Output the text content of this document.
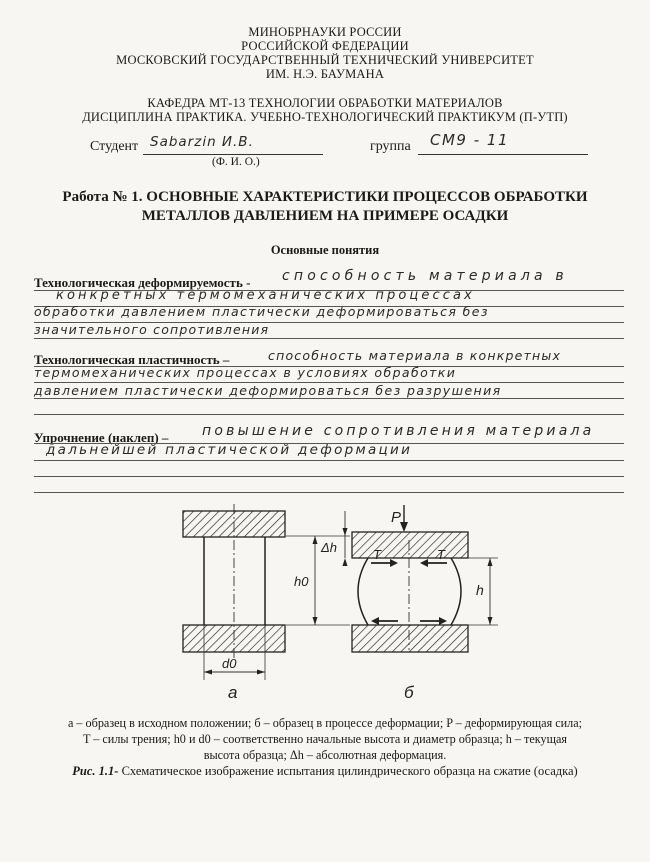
МИНОБРНАУКИ РОССИИ
РОССИЙСКОЙ ФЕДЕРАЦИИ
МОСКОВСКИЙ ГОСУДАРСТВЕННЫЙ ТЕХНИЧЕСКИЙ УНИВЕРСИТЕТ
ИМ. Н.Э. БАУМАНА
КАФЕДРА МТ-13 ТЕХНОЛОГИИ ОБРАБОТКИ МАТЕРИАЛОВ
ДИСЦИПЛИНА ПРАКТИКА. УЧЕБНО-ТЕХНОЛОГИЧЕСКИЙ ПРАКТИКУМ (П-УТП)
Студент Sabarzin И.В.
(Ф. И. О.)
группа СМ9 - 11
Работа № 1. ОСНОВНЫЕ ХАРАКТЕРИСТИКИ ПРОЦЕССОВ ОБРАБОТКИ
МЕТАЛЛОВ ДАВЛЕНИЕМ НА ПРИМЕРЕ ОСАДКИ
Основные понятия
Технологическая деформируемость - способность материала в
конкретных термомеханических процессах
обработки давлением пластически деформироваться без
значительного сопротивления
Технологическая пластичность –	способность материала в конкретных
термомеханических процессах в условиях обработки
давлением пластически деформироваться без разрушения
Упрочнение (наклеп) – повышение сопротивления материала
дальнейшей пластической деформации
P
Δh
h0
h
d0
T	T
а	б
а – образец в исходном положении; б – образец в процессе деформации; P – деформирующая сила;
T – силы трения; h0 и d0 – соответственно начальные высота и диаметр образца; h – текущая
высота образца; Δh – абсолютная деформация.
Рис. 1.1- Схематическое изображение испытания цилиндрического образца на сжатие (осадка)
